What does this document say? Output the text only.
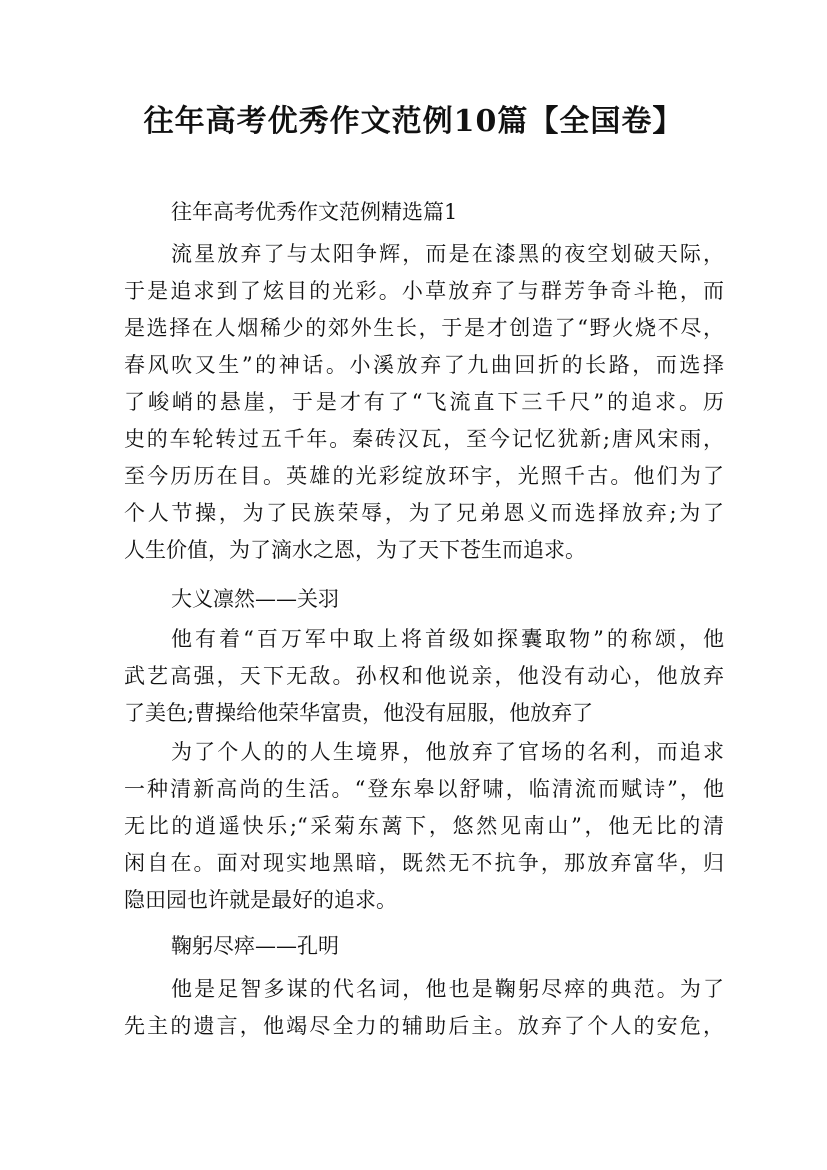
往年高考优秀作文范例10篇【全国卷】
往年高考优秀作文范例精选篇1
流星放弃了与太阳争辉，而是在漆黑的夜空划破天际，
于是追求到了炫目的光彩。小草放弃了与群芳争奇斗艳，而
是选择在人烟稀少的郊外生长，于是才创造了“野火烧不尽，
春风吹又生”的神话。小溪放弃了九曲回折的长路，而选择
了峻峭的悬崖，于是才有了“飞流直下三千尺”的追求。历
史的车轮转过五千年。秦砖汉瓦，至今记忆犹新;唐风宋雨，
至今历历在目。英雄的光彩绽放环宇，光照千古。他们为了
个人节操，为了民族荣辱，为了兄弟恩义而选择放弃;为了
人生价值，为了滴水之恩，为了天下苍生而追求。
大义凛然——关羽
他有着“百万军中取上将首级如探囊取物”的称颂，他
武艺高强，天下无敌。孙权和他说亲，他没有动心，他放弃
了美色;曹操给他荣华富贵，他没有屈服，他放弃了
为了个人的的人生境界，他放弃了官场的名利，而追求
一种清新高尚的生活。“登东皋以舒啸，临清流而赋诗”，他
无比的逍遥快乐;“采菊东蓠下，悠然见南山”，他无比的清
闲自在。面对现实地黑暗，既然无不抗争，那放弃富华，归
隐田园也许就是最好的追求。
鞠躬尽瘁——孔明
他是足智多谋的代名词，他也是鞠躬尽瘁的典范。为了
先主的遗言，他竭尽全力的辅助后主。放弃了个人的安危，
